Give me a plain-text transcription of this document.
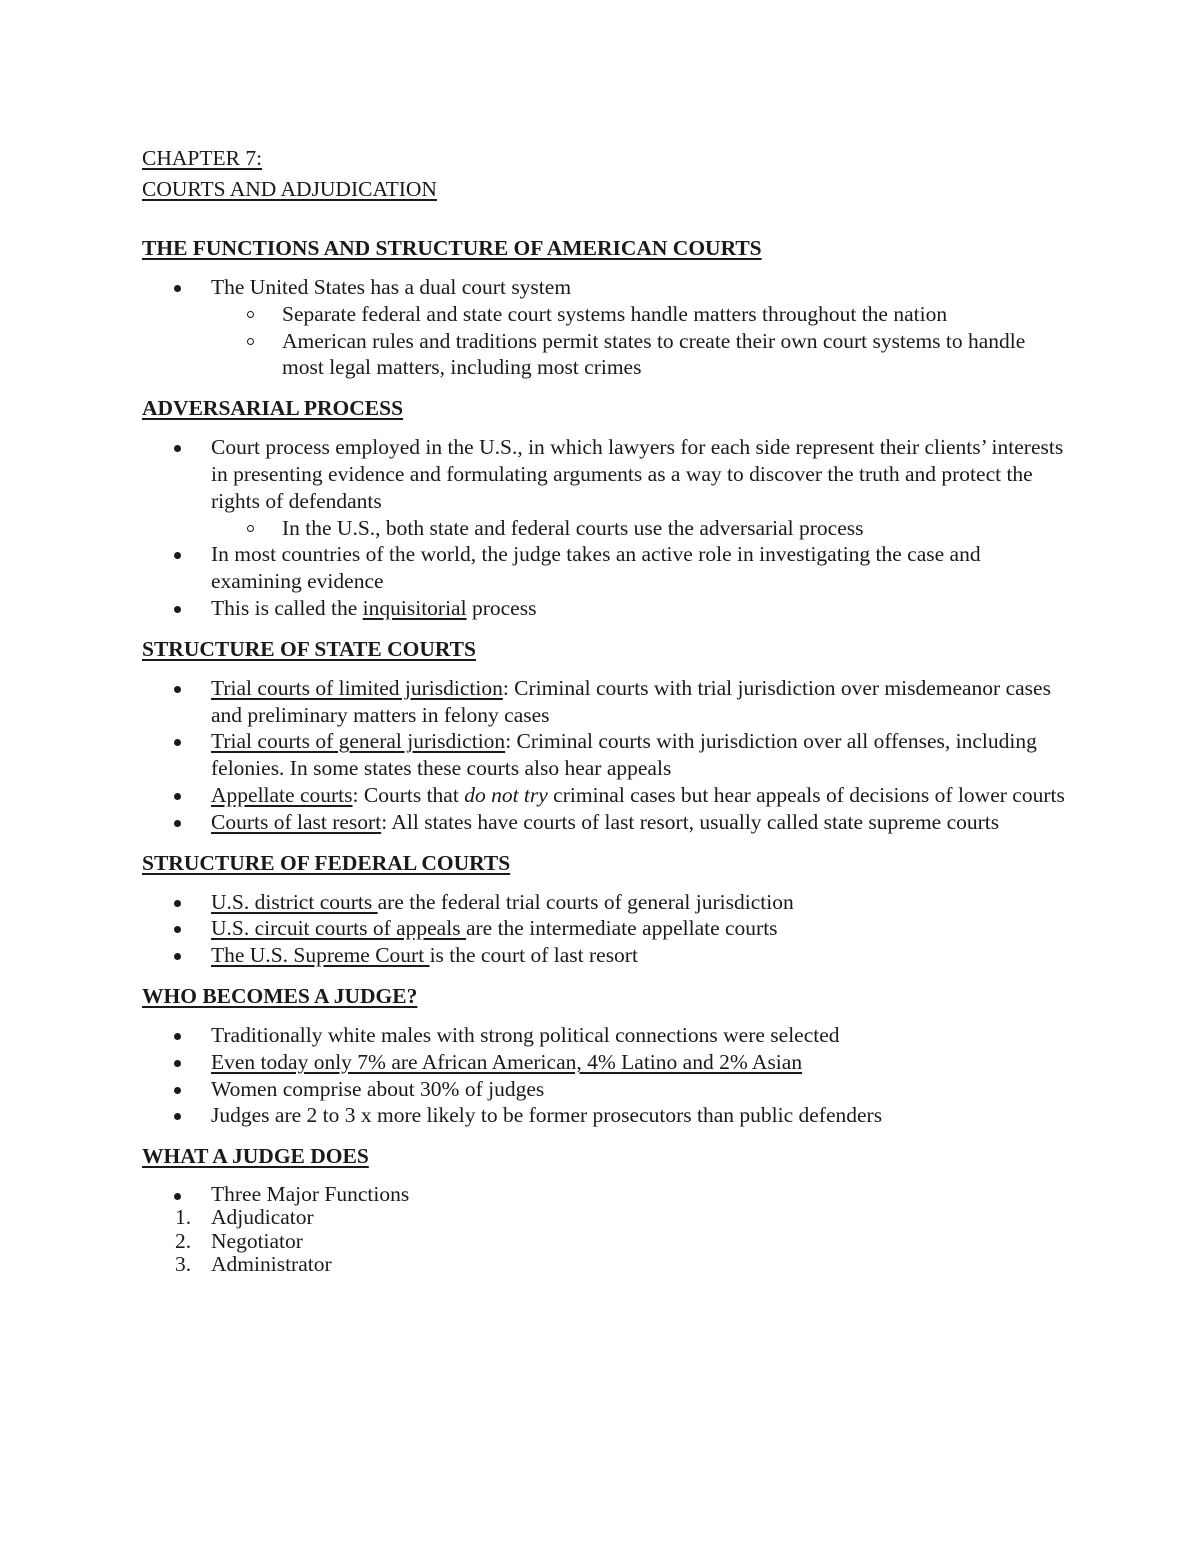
CHAPTER 7:
COURTS AND ADJUDICATION
THE FUNCTIONS AND STRUCTURE OF AMERICAN COURTS
The United States has a dual court system
Separate federal and state court systems handle matters throughout the nation
American rules and traditions permit states to create their own court systems to handle most legal matters, including most crimes
ADVERSARIAL PROCESS
Court process employed in the U.S., in which lawyers for each side represent their clients’ interests in presenting evidence and formulating arguments as a way to discover the truth and protect the rights of defendants
In the U.S., both state and federal courts use the adversarial process
In most countries of the world, the judge takes an active role in investigating the case and examining evidence
This is called the inquisitorial process
STRUCTURE OF STATE COURTS
Trial courts of limited jurisdiction: Criminal courts with trial jurisdiction over misdemeanor cases and preliminary matters in felony cases
Trial courts of general jurisdiction: Criminal courts with jurisdiction over all offenses, including felonies. In some states these courts also hear appeals
Appellate courts: Courts that do not try criminal cases but hear appeals of decisions of lower courts
Courts of last resort: All states have courts of last resort, usually called state supreme courts
STRUCTURE OF FEDERAL COURTS
U.S. district courts are the federal trial courts of general jurisdiction
U.S. circuit courts of appeals are the intermediate appellate courts
The U.S. Supreme Court is the court of last resort
WHO BECOMES A JUDGE?
Traditionally white males with strong political connections were selected
Even today only 7% are African American, 4% Latino and 2% Asian
Women comprise about 30% of judges
Judges are 2 to 3 x more likely to be former prosecutors than public defenders
WHAT A JUDGE DOES
Three Major Functions
1. Adjudicator
2. Negotiator
3. Administrator
